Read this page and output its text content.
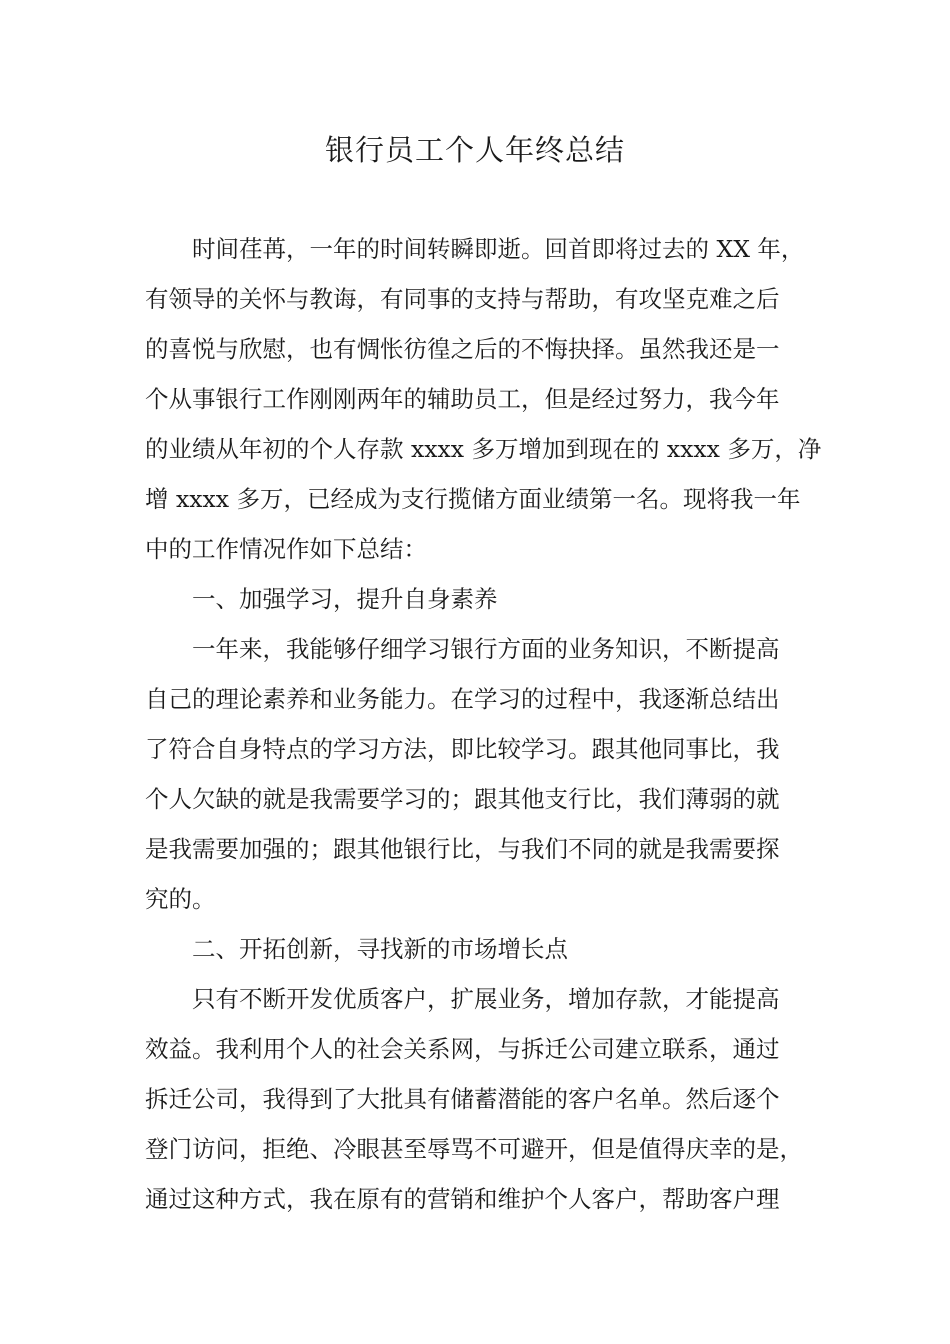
银行员工个人年终总结
时间荏苒，一年的时间转瞬即逝。回首即将过去的 XX 年，
有领导的关怀与教诲，有同事的支持与帮助，有攻坚克难之后
的喜悦与欣慰，也有惆怅彷徨之后的不悔抉择。虽然我还是一
个从事银行工作刚刚两年的辅助员工，但是经过努力，我今年
的业绩从年初的个人存款 xxxx 多万增加到现在的 xxxx 多万，净
增 xxxx 多万，已经成为支行揽储方面业绩第一名。现将我一年
中的工作情况作如下总结：
一、加强学习，提升自身素养
一年来，我能够仔细学习银行方面的业务知识，不断提高
自己的理论素养和业务能力。在学习的过程中，我逐渐总结出
了符合自身特点的学习方法，即比较学习。跟其他同事比，我
个人欠缺的就是我需要学习的；跟其他支行比，我们薄弱的就
是我需要加强的；跟其他银行比，与我们不同的就是我需要探
究的。
二、开拓创新，寻找新的市场增长点
只有不断开发优质客户，扩展业务，增加存款，才能提高
效益。我利用个人的社会关系网，与拆迁公司建立联系，通过
拆迁公司，我得到了大批具有储蓄潜能的客户名单。然后逐个
登门访问，拒绝、冷眼甚至辱骂不可避开，但是值得庆幸的是，
通过这种方式，我在原有的营销和维护个人客户，帮助客户理
